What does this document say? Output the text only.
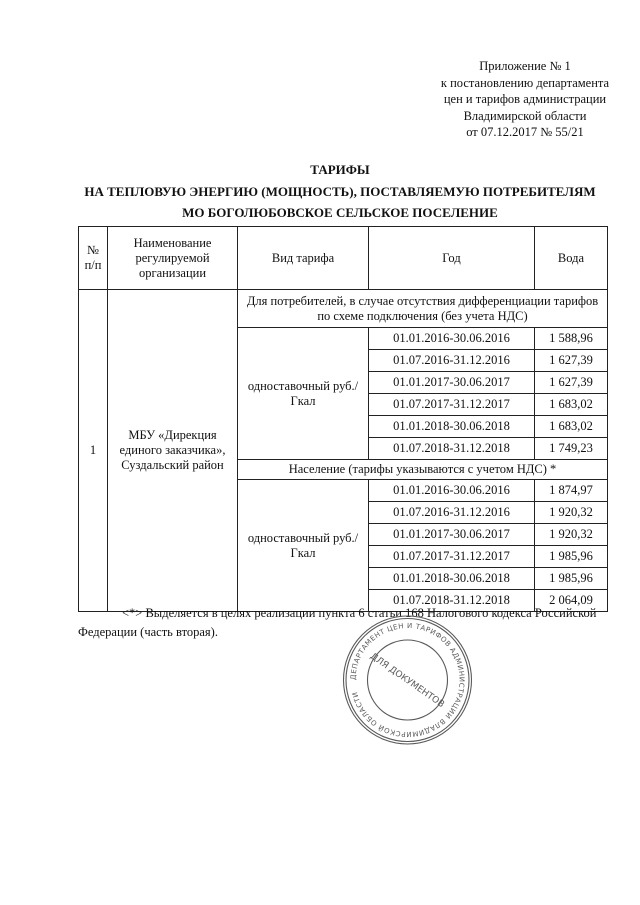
Приложение № 1
к постановлению департамента
цен и тарифов администрации
Владимирской области
от 07.12.2017 № 55/21
ТАРИФЫ
НА ТЕПЛОВУЮ ЭНЕРГИЮ (МОЩНОСТЬ), ПОСТАВЛЯЕМУЮ ПОТРЕБИТЕЛЯМ
МО БОГОЛЮБОВСКОЕ СЕЛЬСКОЕ ПОСЕЛЕНИЕ
№ п/п	Наименование регулируемой организации	Вид тарифа	Год	Вода
1	МБУ «Дирекция единого заказчика», Суздальский район	Для потребителей, в случае отсутствия дифференциации тарифов по схеме подключения (без учета НДС)		
		одноставочный руб./Гкал	01.01.2016-30.06.2016	1 588,96
			01.07.2016-31.12.2016	1 627,39
			01.01.2017-30.06.2017	1 627,39
			01.07.2017-31.12.2017	1 683,02
			01.01.2018-30.06.2018	1 683,02
			01.07.2018-31.12.2018	1 749,23
		Население (тарифы указываются с учетом НДС) *		
		одноставочный руб./Гкал	01.01.2016-30.06.2016	1 874,97
			01.07.2016-31.12.2016	1 920,32
			01.01.2017-30.06.2017	1 920,32
			01.07.2017-31.12.2017	1 985,96
			01.01.2018-30.06.2018	1 985,96
			01.07.2018-31.12.2018	2 064,09
<*> Выделяется в целях реализации пункта 6 статьи 168 Налогового кодекса Российской Федерации (часть вторая).
ДЕПАРТАМЕНТ ЦЕН И ТАРИФОВ АДМИНИСТРАЦИИ ВЛАДИМИРСКОЙ ОБЛАСТИ ДЛЯ ДОКУМЕНТОВ
